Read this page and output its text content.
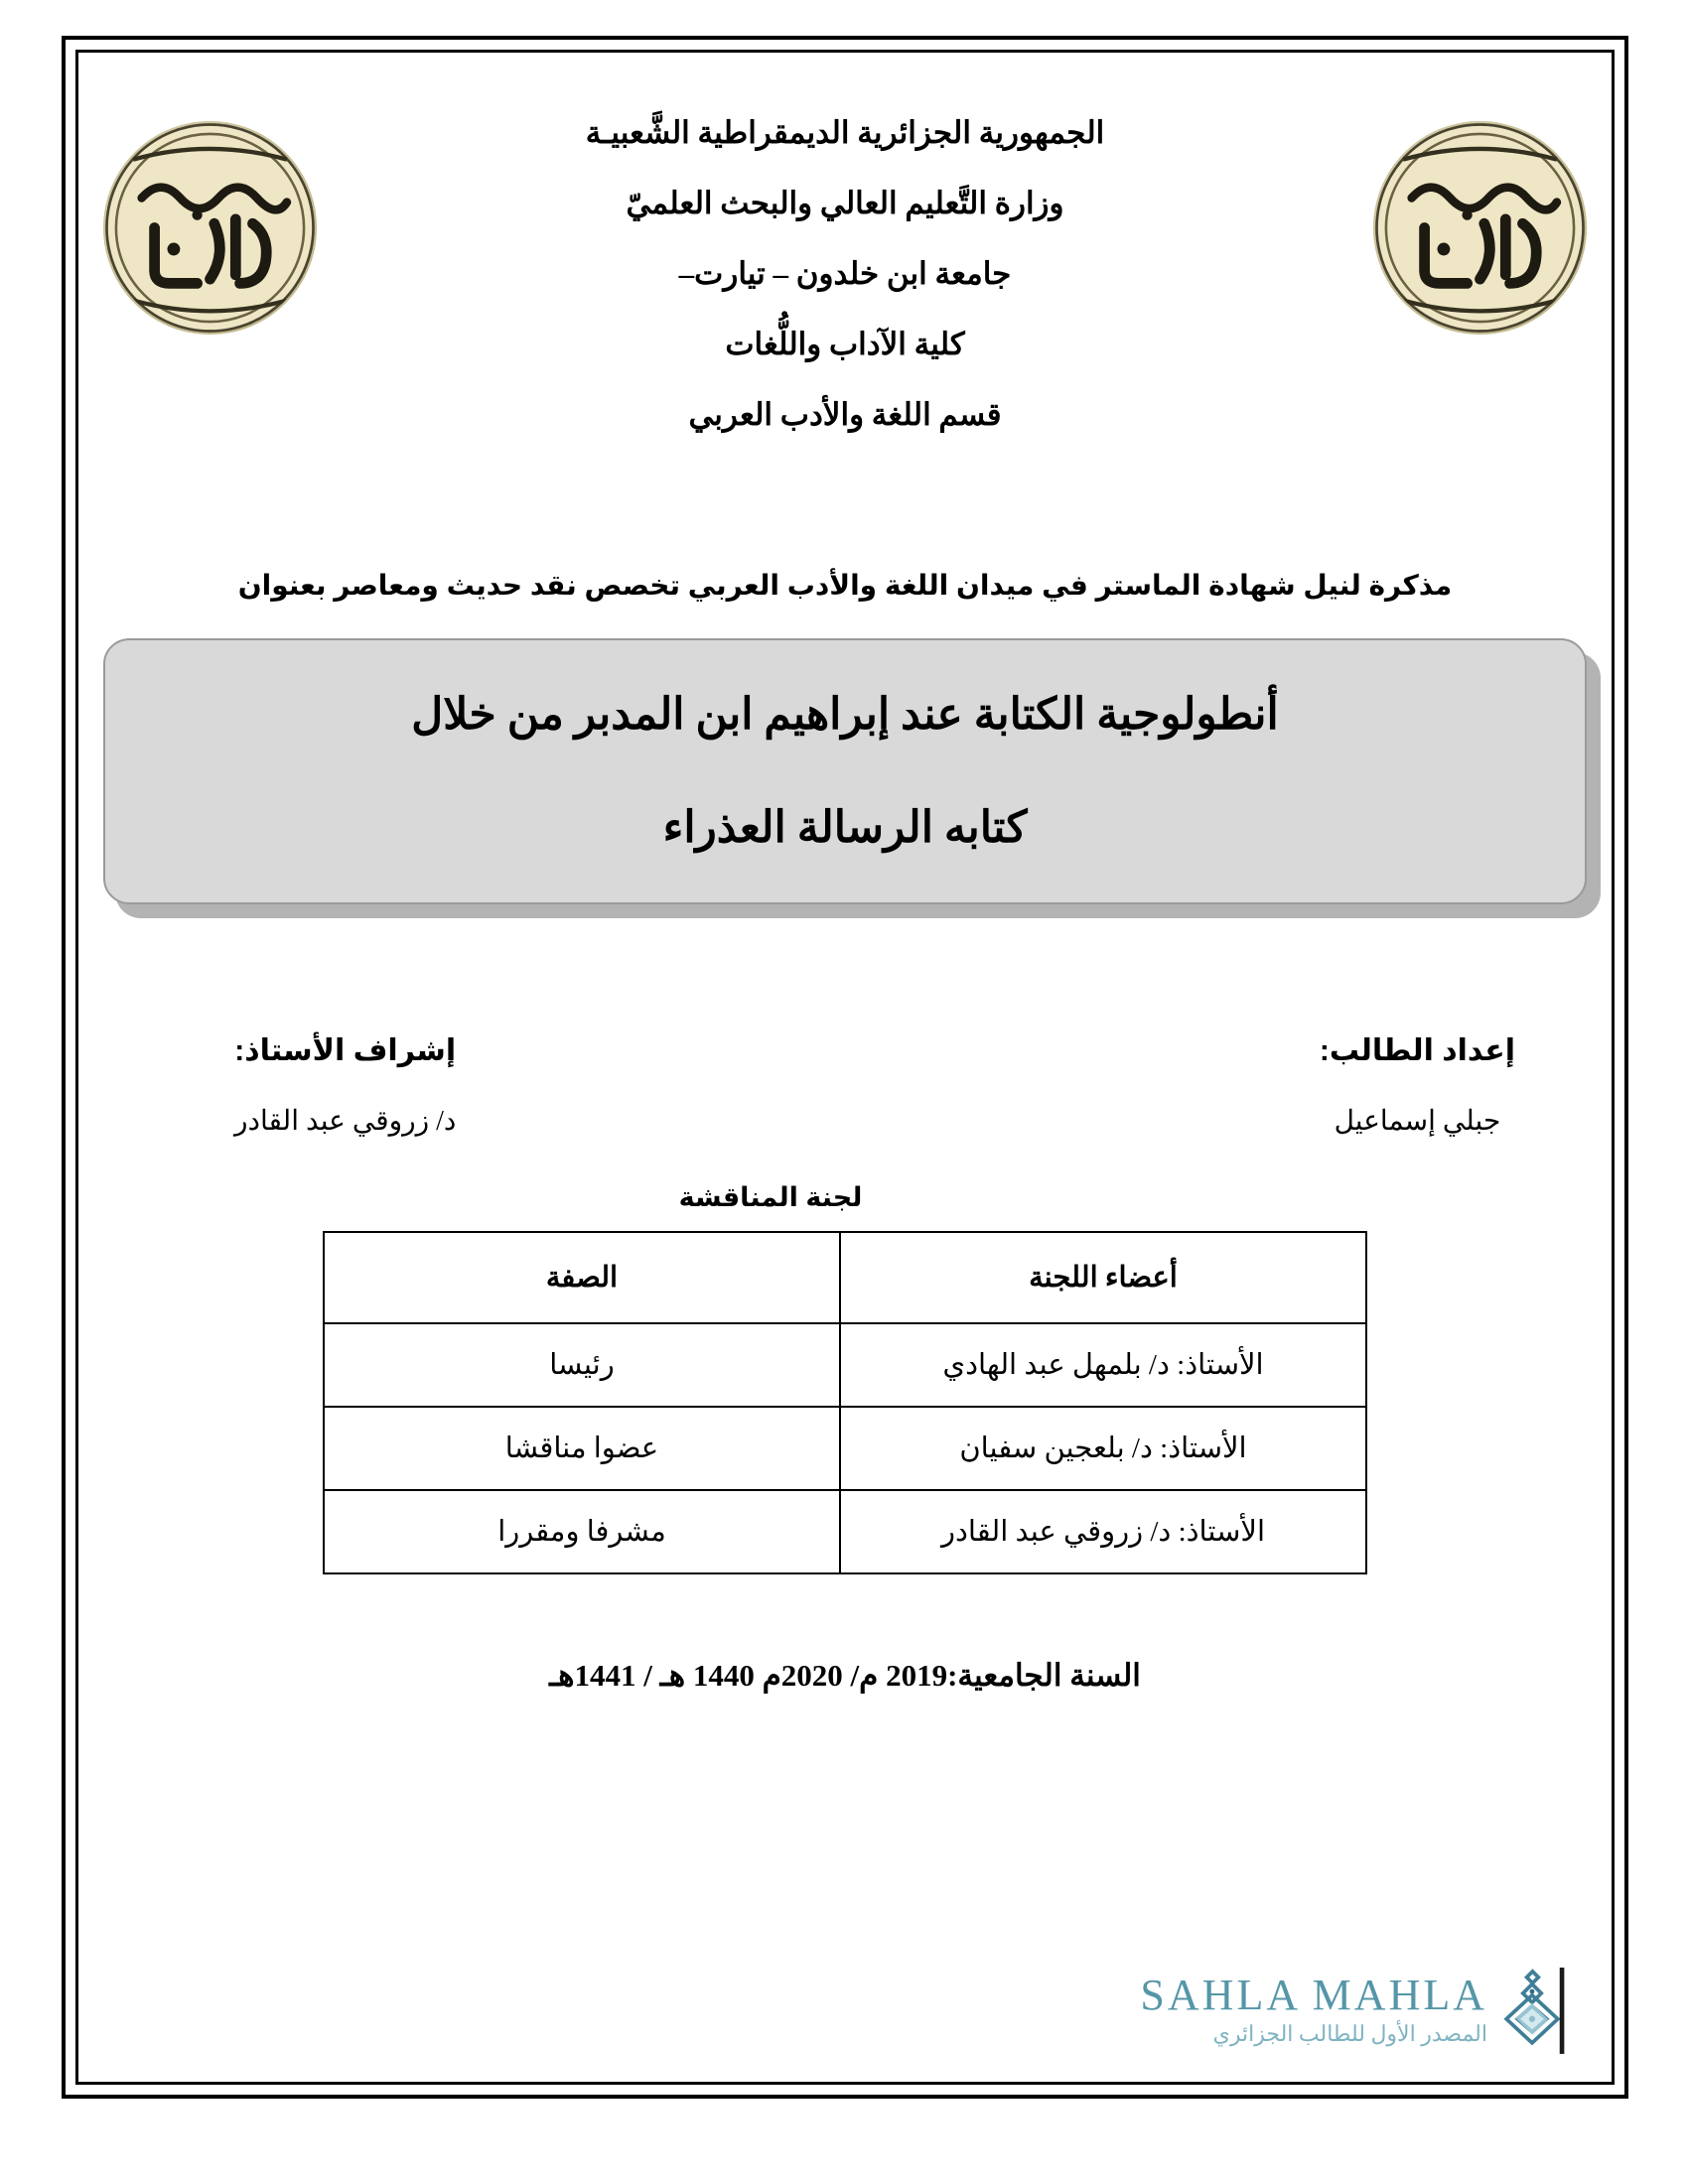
الجمهورية الجزائرية الديمقراطية الشَّعبيـة
وزارة التَّعليم العالي والبحث العلميّ
جامعة ابن خلدون – تيارت–
كلية الآداب واللُّغات
قسم اللغة والأدب العربي
مذكرة لنيل شهادة الماستر في ميدان اللغة والأدب العربي تخصص نقد حديث ومعاصر بعنوان
أنطولوجية الكتابة عند إبراهيم ابن المدبر من خلال
كتابه الرسالة العذراء
إعداد الطالب:
جبلي إسماعيل
إشراف الأستاذ:
د/ زروقي عبد القادر
لجنة المناقشة
أعضاء اللجنة	الصفة
الأستاذ: د/ بلمهل عبد الهادي	رئيسا
الأستاذ: د/ بلعجين سفيان	عضوا مناقشا
الأستاذ: د/ زروقي عبد القادر	مشرفا ومقررا
السنة الجامعية:2019 م/ 2020م 1440 هـ / 1441هـ
SAHLA MAHLA
المصدر الأول للطالب الجزائري
